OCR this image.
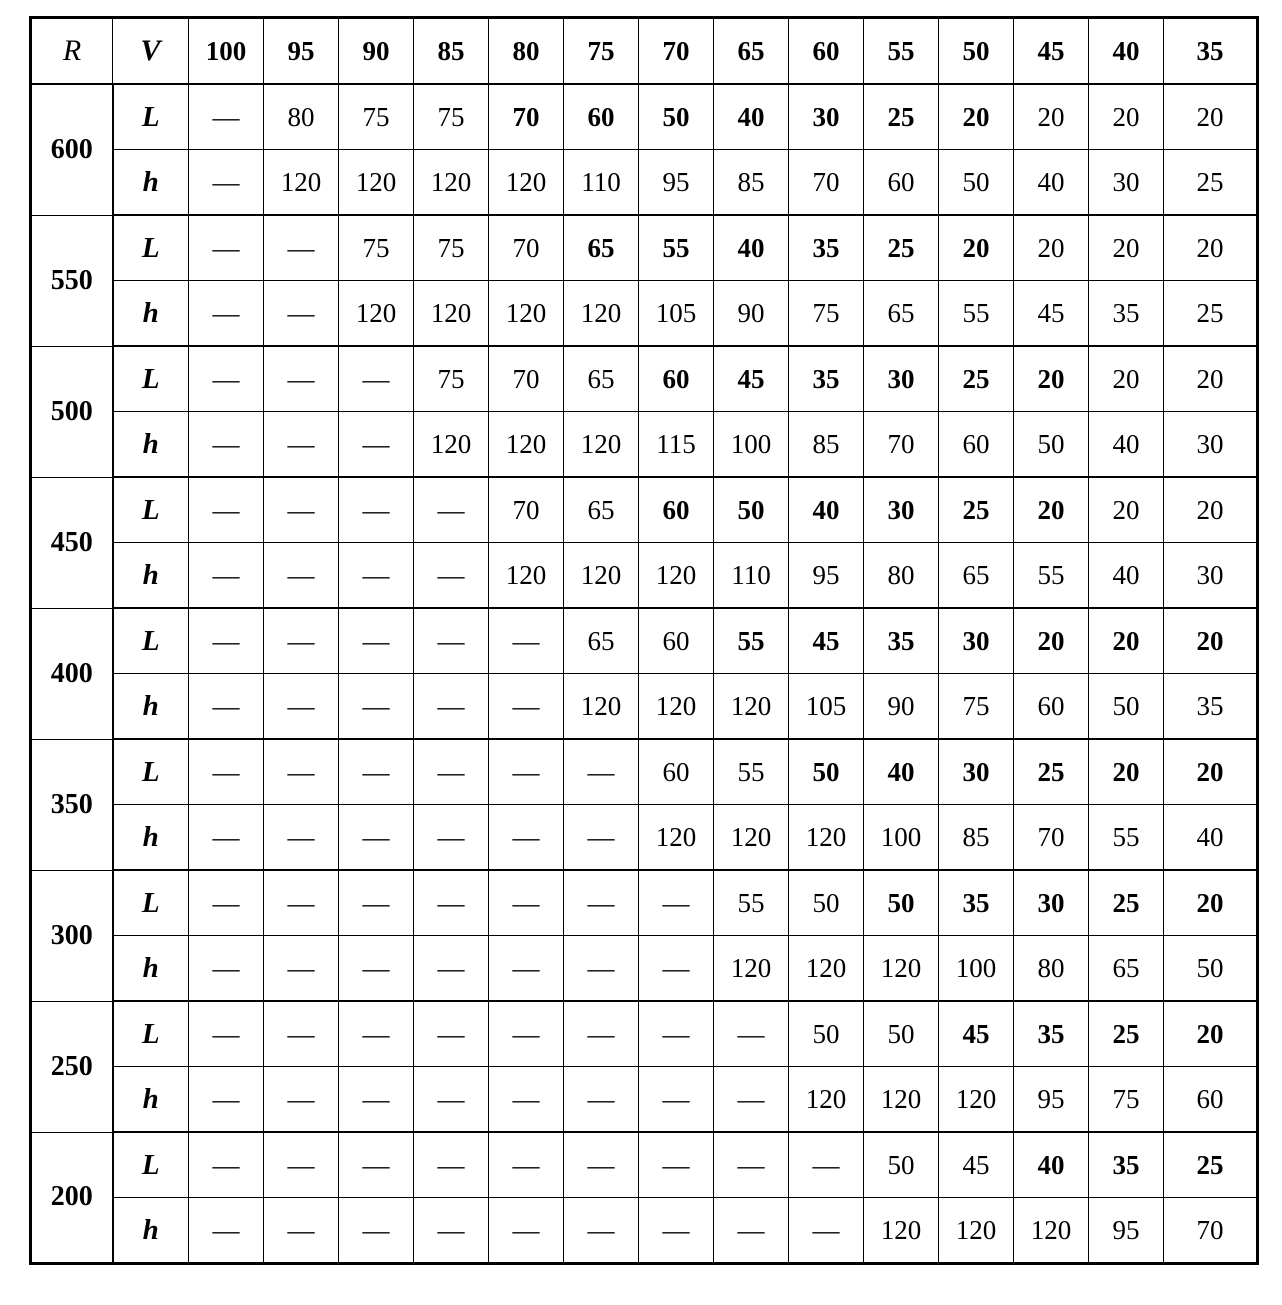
R	V	100	95	90	85	80	75	70	65	60	55	50	45	40	35
600	L	—	80	75	75	70	60	50	40	30	25	20	20	20	20
	h	—	120	120	120	120	110	95	85	70	60	50	40	30	25
550	L	—	—	75	75	70	65	55	40	35	25	20	20	20	20
	h	—	—	120	120	120	120	105	90	75	65	55	45	35	25
500	L	—	—	—	75	70	65	60	45	35	30	25	20	20	20
	h	—	—	—	120	120	120	115	100	85	70	60	50	40	30
450	L	—	—	—	—	70	65	60	50	40	30	25	20	20	20
	h	—	—	—	—	120	120	120	110	95	80	65	55	40	30
400	L	—	—	—	—	—	65	60	55	45	35	30	20	20	20
	h	—	—	—	—	—	120	120	120	105	90	75	60	50	35
350	L	—	—	—	—	—	—	60	55	50	40	30	25	20	20
	h	—	—	—	—	—	—	120	120	120	100	85	70	55	40
300	L	—	—	—	—	—	—	—	55	50	50	35	30	25	20
	h	—	—	—	—	—	—	—	120	120	120	100	80	65	50
250	L	—	—	—	—	—	—	—	—	50	50	45	35	25	20
	h	—	—	—	—	—	—	—	—	120	120	120	95	75	60
200	L	—	—	—	—	—	—	—	—	—	50	45	40	35	25
	h	—	—	—	—	—	—	—	—	—	120	120	120	95	70
